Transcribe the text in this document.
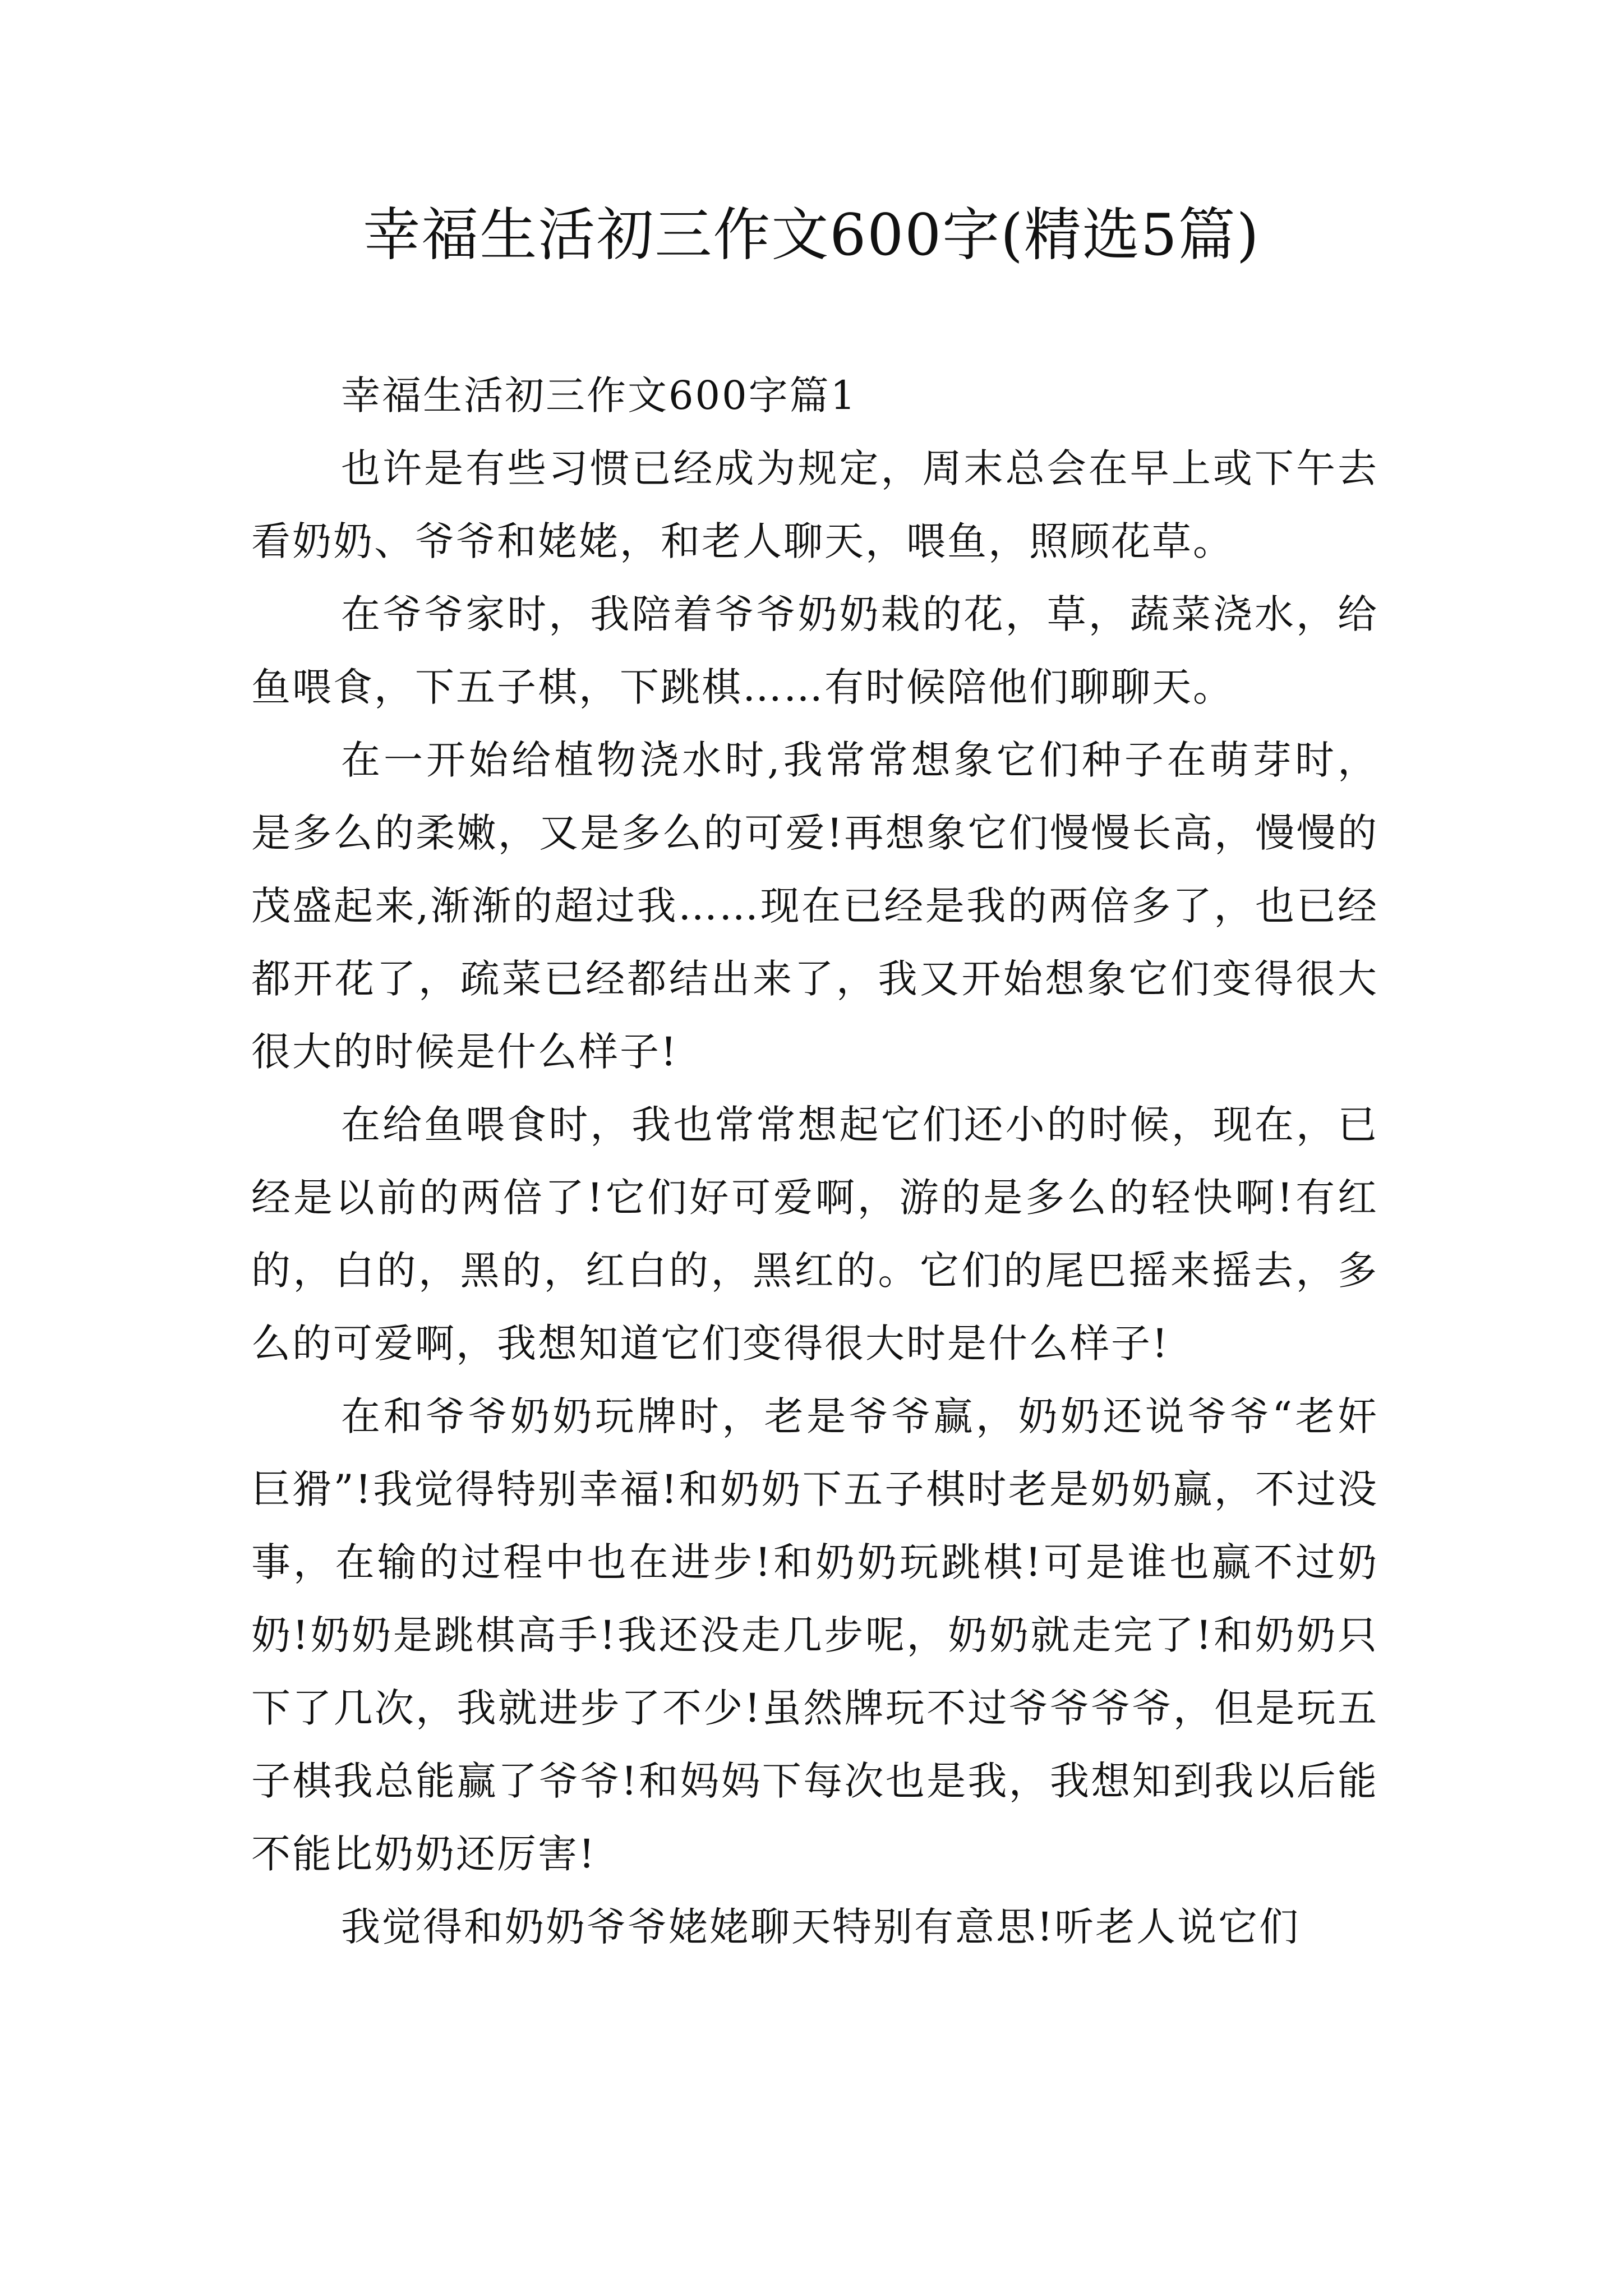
幸福生活初三作文600字(精选5篇)

幸福生活初三作文600字篇1

也许是有些习惯已经成为规定，周末总会在早上或下午去看奶奶、爷爷和姥姥，和老人聊天，喂鱼，照顾花草。

在爷爷家时，我陪着爷爷奶奶栽的花，草，蔬菜浇水，给鱼喂食，下五子棋，下跳棋……有时候陪他们聊聊天。

在一开始给植物浇水时,我常常想象它们种子在萌芽时，是多么的柔嫩，又是多么的可爱!再想象它们慢慢长高，慢慢的茂盛起来,渐渐的超过我……现在已经是我的两倍多了，也已经都开花了，疏菜已经都结出来了，我又开始想象它们变得很大很大的时候是什么样子!

在给鱼喂食时，我也常常想起它们还小的时候，现在，已经是以前的两倍了!它们好可爱啊，游的是多么的轻快啊!有红的，白的，黑的，红白的，黑红的。它们的尾巴摇来摇去，多么的可爱啊，我想知道它们变得很大时是什么样子!

在和爷爷奶奶玩牌时，老是爷爷赢，奶奶还说爷爷“老奸巨猾”!我觉得特别幸福!和奶奶下五子棋时老是奶奶赢，不过没事，在输的过程中也在进步!和奶奶玩跳棋!可是谁也赢不过奶奶!奶奶是跳棋高手!我还没走几步呢，奶奶就走完了!和奶奶只下了几次，我就进步了不少!虽然牌玩不过爷爷爷爷，但是玩五子棋我总能赢了爷爷!和妈妈下每次也是我，我想知到我以后能不能比奶奶还厉害!

我觉得和奶奶爷爷姥姥聊天特别有意思!听老人说它们
